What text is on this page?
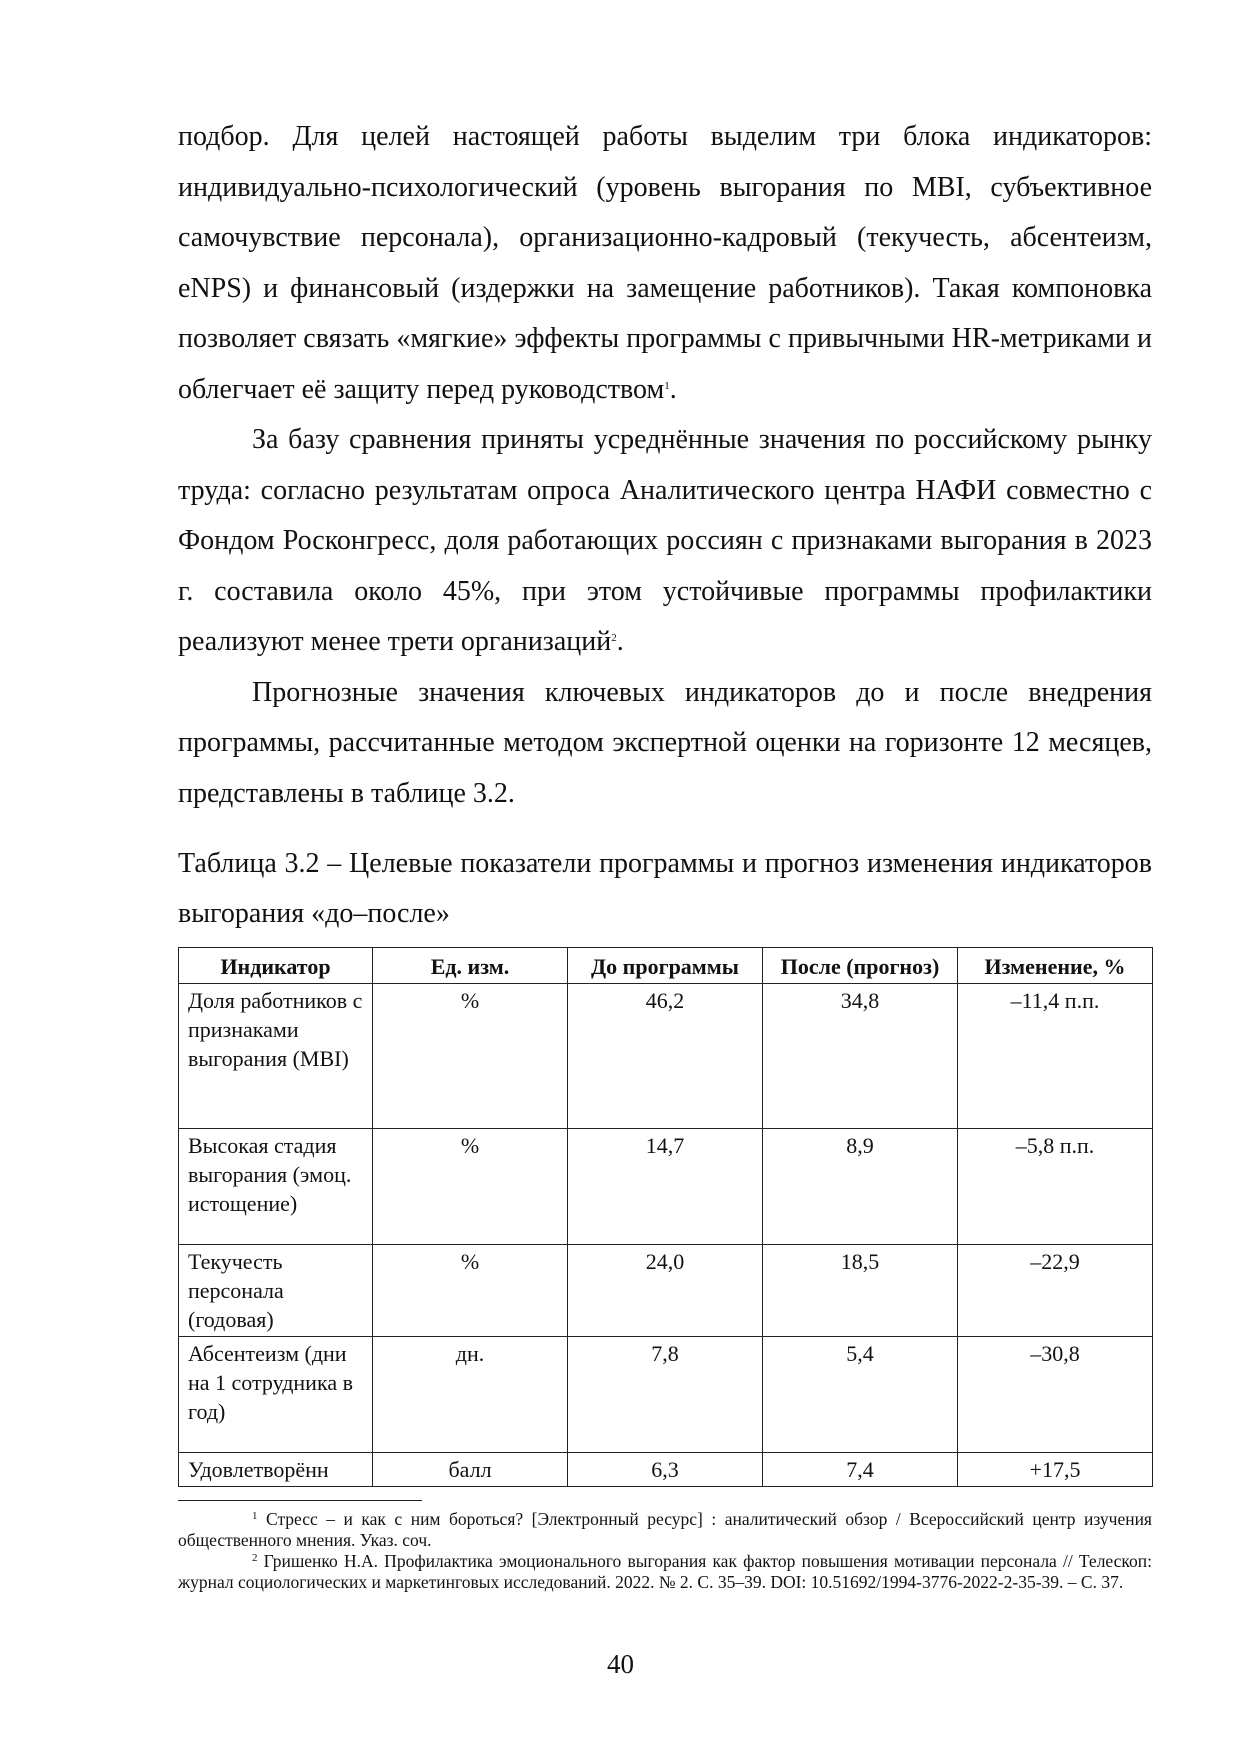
подбор. Для целей настоящей работы выделим три блока индикаторов: индивидуально-психологический (уровень выгорания по MBI, субъективное самочувствие персонала), организационно-кадровый (текучесть, абсентеизм, eNPS) и финансовый (издержки на замещение работников). Такая компоновка позволяет связать «мягкие» эффекты программы с привычными HR-метриками и облегчает её защиту перед руководством$^1$.

За базу сравнения приняты усреднённые значения по российскому рынку труда: согласно результатам опроса Аналитического центра НАФИ совместно с Фондом Росконгресс, доля работающих россиян с признаками выгорания в 2023 г. составила около 45%, при этом устойчивые программы профилактики реализуют менее трети организаций$^2$.

Прогнозные значения ключевых индикаторов до и после внедрения программы, рассчитанные методом экспертной оценки на горизонте 12 месяцев, представлены в таблице 3.2.

Таблица 3.2 – Целевые показатели программы и прогноз изменения индикаторов выгорания «до–после»

Индикатор	Ед. изм.	До программы	После (прогноз)	Изменение, %
Доля работников с признаками выгорания (MBI)	%	46,2	34,8	–11,4 п.п.
Высокая стадия выгорания (эмоц. истощение)	%	14,7	8,9	–5,8 п.п.
Текучесть персонала (годовая)	%	24,0	18,5	–22,9
Абсентеизм (дни на 1 сотрудника в год)	дн.	7,8	5,4	–30,8
Удовлетворённ	балл	6,3	7,4	+17,5

$^1$ Стресс – и как с ним бороться? [Электронный ресурс] : аналитический обзор / Всероссийский центр изучения общественного мнения. Указ. соч.

$^2$ Гришенко Н.А. Профилактика эмоционального выгорания как фактор повышения мотивации персонала // Телескоп: журнал социологических и маркетинговых исследований. 2022. № 2. С. 35–39. DOI: 10.51692/1994-3776-2022-2-35-39. – С. 37.

40
